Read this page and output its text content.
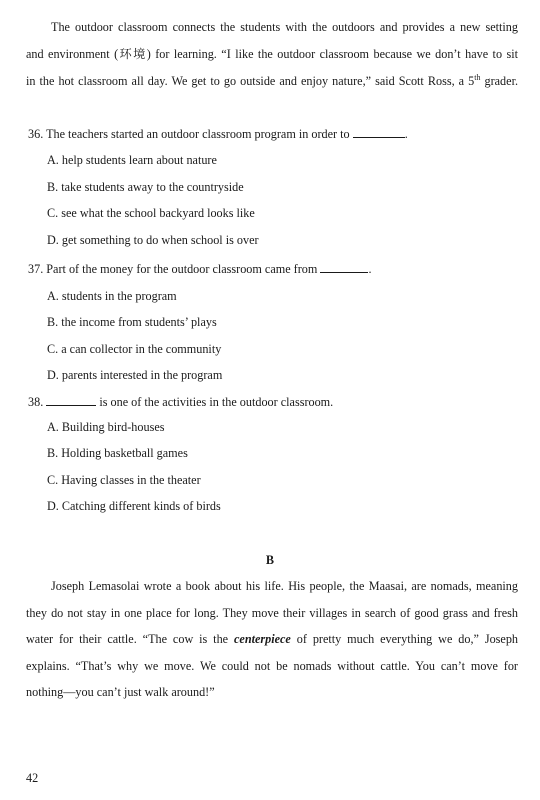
The outdoor classroom connects the students with the outdoors and provides a new setting
and environment (环境) for learning. “I like the outdoor classroom because we don’t have to sit
in the hot classroom all day. We get to go outside and enjoy nature,” said Scott Ross, a 5th grader.
36. The teachers started an outdoor classroom program in order to	.
A. help students learn about nature
B. take students away to the countryside
C. see what the school backyard looks like
D. get something to do when school is over
37. Part of the money for the outdoor classroom came from	.
A. students in the program
B. the income from students’ plays
C. a can collector in the community
D. parents interested in the program
38.	is one of the activities in the outdoor classroom.
A. Building bird-houses
B. Holding basketball games
C. Having classes in the theater
D. Catching different kinds of birds
B
Joseph Lemasolai wrote a book about his life. His people, the Maasai, are nomads, meaning
they do not stay in one place for long. They move their villages in search of good grass and fresh
water for their cattle. “The cow is the centerpiece of pretty much everything we do,” Joseph
explains. “That’s why we move. We could not be nomads without cattle. You can’t move for
nothing—you can’t just walk around!”
42
